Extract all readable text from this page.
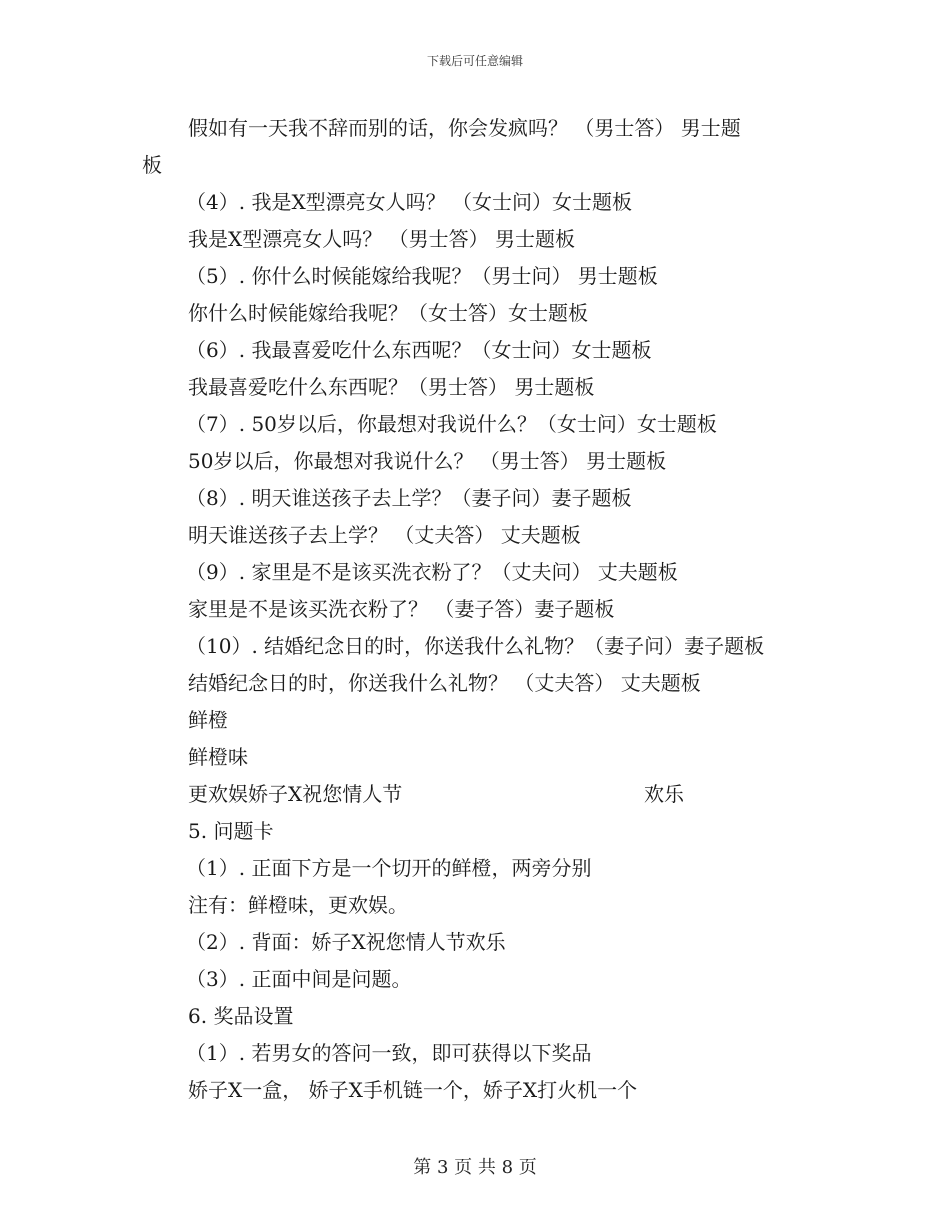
下载后可任意编辑
假如有一天我不辞而别的话，你会发疯吗？ （男士答） 男士题
板
（4）. 我是X型漂亮女人吗？ （女士问）女士题板
我是X型漂亮女人吗？ （男士答） 男士题板
（5）. 你什么时候能嫁给我呢？（男士问） 男士题板
你什么时候能嫁给我呢？（女士答）女士题板
（6）. 我最喜爱吃什么东西呢？（女士问）女士题板
我最喜爱吃什么东西呢？（男士答） 男士题板
（7）. 50岁以后，你最想对我说什么？（女士问）女士题板
50岁以后，你最想对我说什么？ （男士答） 男士题板
（8）. 明天谁送孩子去上学？（妻子问）妻子题板
明天谁送孩子去上学？ （丈夫答） 丈夫题板
（9）. 家里是不是该买洗衣粉了？（丈夫问） 丈夫题板
家里是不是该买洗衣粉了？ （妻子答）妻子题板
（10）. 结婚纪念日的时，你送我什么礼物？（妻子问）妻子题板
结婚纪念日的时，你送我什么礼物？ （丈夫答） 丈夫题板
鲜橙
鲜橙味
更欢娱娇子X祝您情人节	欢乐
5. 问题卡
（1）. 正面下方是一个切开的鲜橙，两旁分别
注有：鲜橙味，更欢娱。
（2）. 背面：娇子X祝您情人节欢乐
（3）. 正面中间是问题。
6. 奖品设置
（1）. 若男女的答问一致，即可获得以下奖品
娇子X一盒， 娇子X手机链一个，娇子X打火机一个
第 3 页 共 8 页
